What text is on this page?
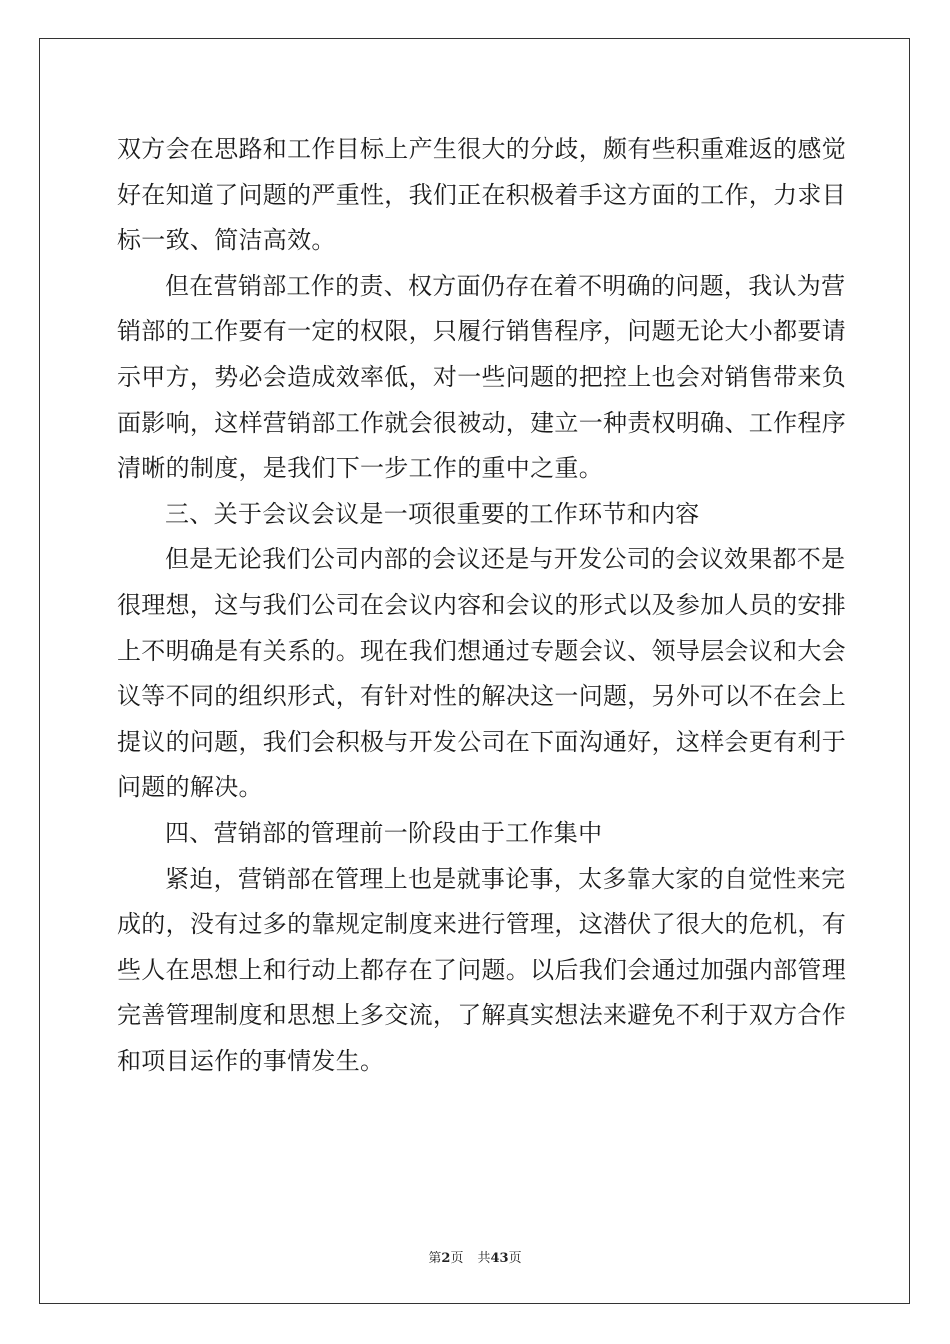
双方会在思路和工作目标上产生很大的分歧，颇有些积重难返的感觉
好在知道了问题的严重性，我们正在积极着手这方面的工作，力求目
标一致、简洁高效。
但在营销部工作的责、权方面仍存在着不明确的问题，我认为营
销部的工作要有一定的权限，只履行销售程序，问题无论大小都要请
示甲方，势必会造成效率低，对一些问题的把控上也会对销售带来负
面影响，这样营销部工作就会很被动，建立一种责权明确、工作程序
清晰的制度，是我们下一步工作的重中之重。
三、关于会议会议是一项很重要的工作环节和内容
但是无论我们公司内部的会议还是与开发公司的会议效果都不是
很理想，这与我们公司在会议内容和会议的形式以及参加人员的安排
上不明确是有关系的。现在我们想通过专题会议、领导层会议和大会
议等不同的组织形式，有针对性的解决这一问题，另外可以不在会上
提议的问题，我们会积极与开发公司在下面沟通好，这样会更有利于
问题的解决。
四、营销部的管理前一阶段由于工作集中
紧迫，营销部在管理上也是就事论事，太多靠大家的自觉性来完
成的，没有过多的靠规定制度来进行管理，这潜伏了很大的危机，有
些人在思想上和行动上都存在了问题。以后我们会通过加强内部管理
完善管理制度和思想上多交流，了解真实想法来避免不利于双方合作
和项目运作的事情发生。
第2页 共43页
